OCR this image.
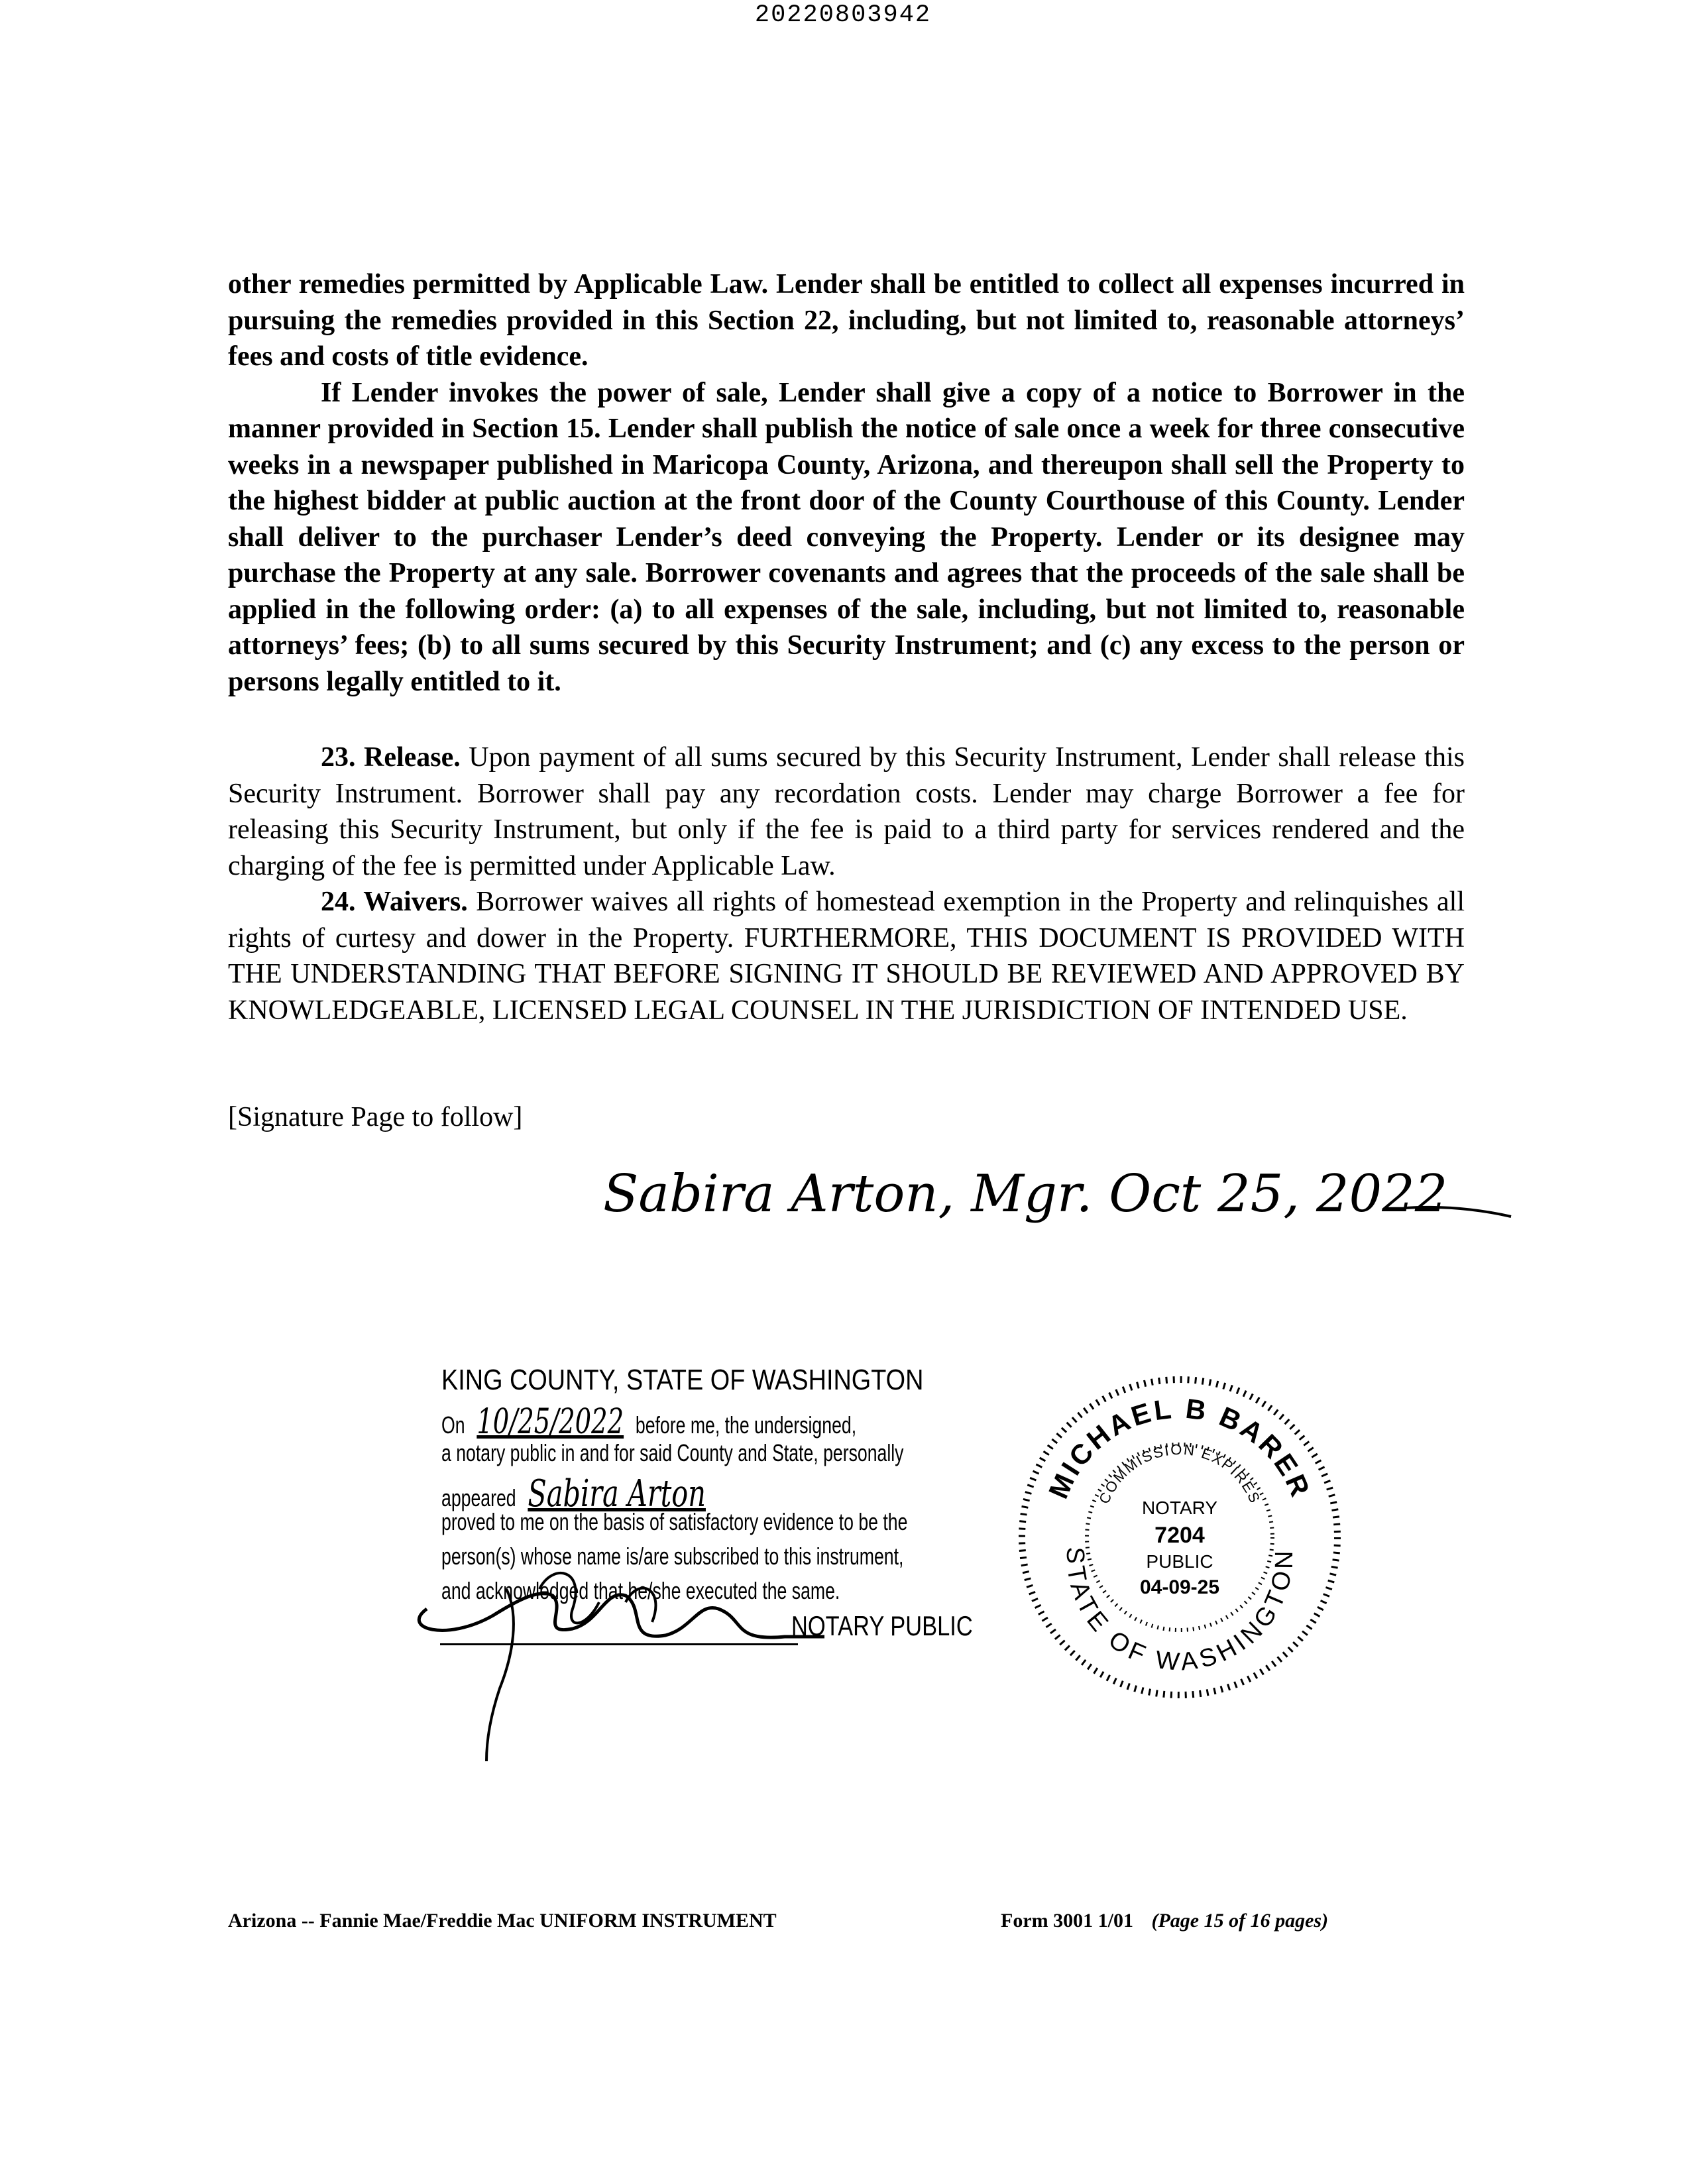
20220803942

other remedies permitted by Applicable Law. Lender shall be entitled to collect all expenses incurred in pursuing the remedies provided in this Section 22, including, but not limited to, reasonable attorneys’ fees and costs of title evidence.

If Lender invokes the power of sale, Lender shall give a copy of a notice to Borrower in the manner provided in Section 15. Lender shall publish the notice of sale once a week for three consecutive weeks in a newspaper published in Maricopa County, Arizona, and thereupon shall sell the Property to the highest bidder at public auction at the front door of the County Courthouse of this County. Lender shall deliver to the purchaser Lender’s deed conveying the Property. Lender or its designee may purchase the Property at any sale. Borrower covenants and agrees that the proceeds of the sale shall be applied in the following order: (a) to all expenses of the sale, including, but not limited to, reasonable attorneys’ fees; (b) to all sums secured by this Security Instrument; and (c) any excess to the person or persons legally entitled to it.

23. Release. Upon payment of all sums secured by this Security Instrument, Lender shall release this Security Instrument. Borrower shall pay any recordation costs. Lender may charge Borrower a fee for releasing this Security Instrument, but only if the fee is paid to a third party for services rendered and the charging of the fee is permitted under Applicable Law.

24. Waivers. Borrower waives all rights of homestead exemption in the Property and relinquishes all rights of curtesy and dower in the Property. FURTHERMORE, THIS DOCUMENT IS PROVIDED WITH THE UNDERSTANDING THAT BEFORE SIGNING IT SHOULD BE REVIEWED AND APPROVED BY KNOWLEDGEABLE, LICENSED LEGAL COUNSEL IN THE JURISDICTION OF INTENDED USE.

[Signature Page to follow]
Sabira Arton, Mgr. Oct 25, 2022
KING COUNTY, STATE OF WASHINGTON
On 10/25/2022 before me, the undersigned,
a notary public in and for said County and State, personally
appeared Sabira Arton
proved to me on the basis of satisfactory evidence to be the
person(s) whose name is/are subscribed to this instrument,
and acknowledged that he/she executed the same.
NOTARY PUBLIC
MICHAEL B BARER
STATE OF WASHINGTON
COMMISSION EXPIRES
NOTARY
7204
PUBLIC
04-09-25
Arizona -- Fannie Mae/Freddie Mac UNIFORM INSTRUMENT	Form 3001 1/01 (Page 15 of 16 pages)
